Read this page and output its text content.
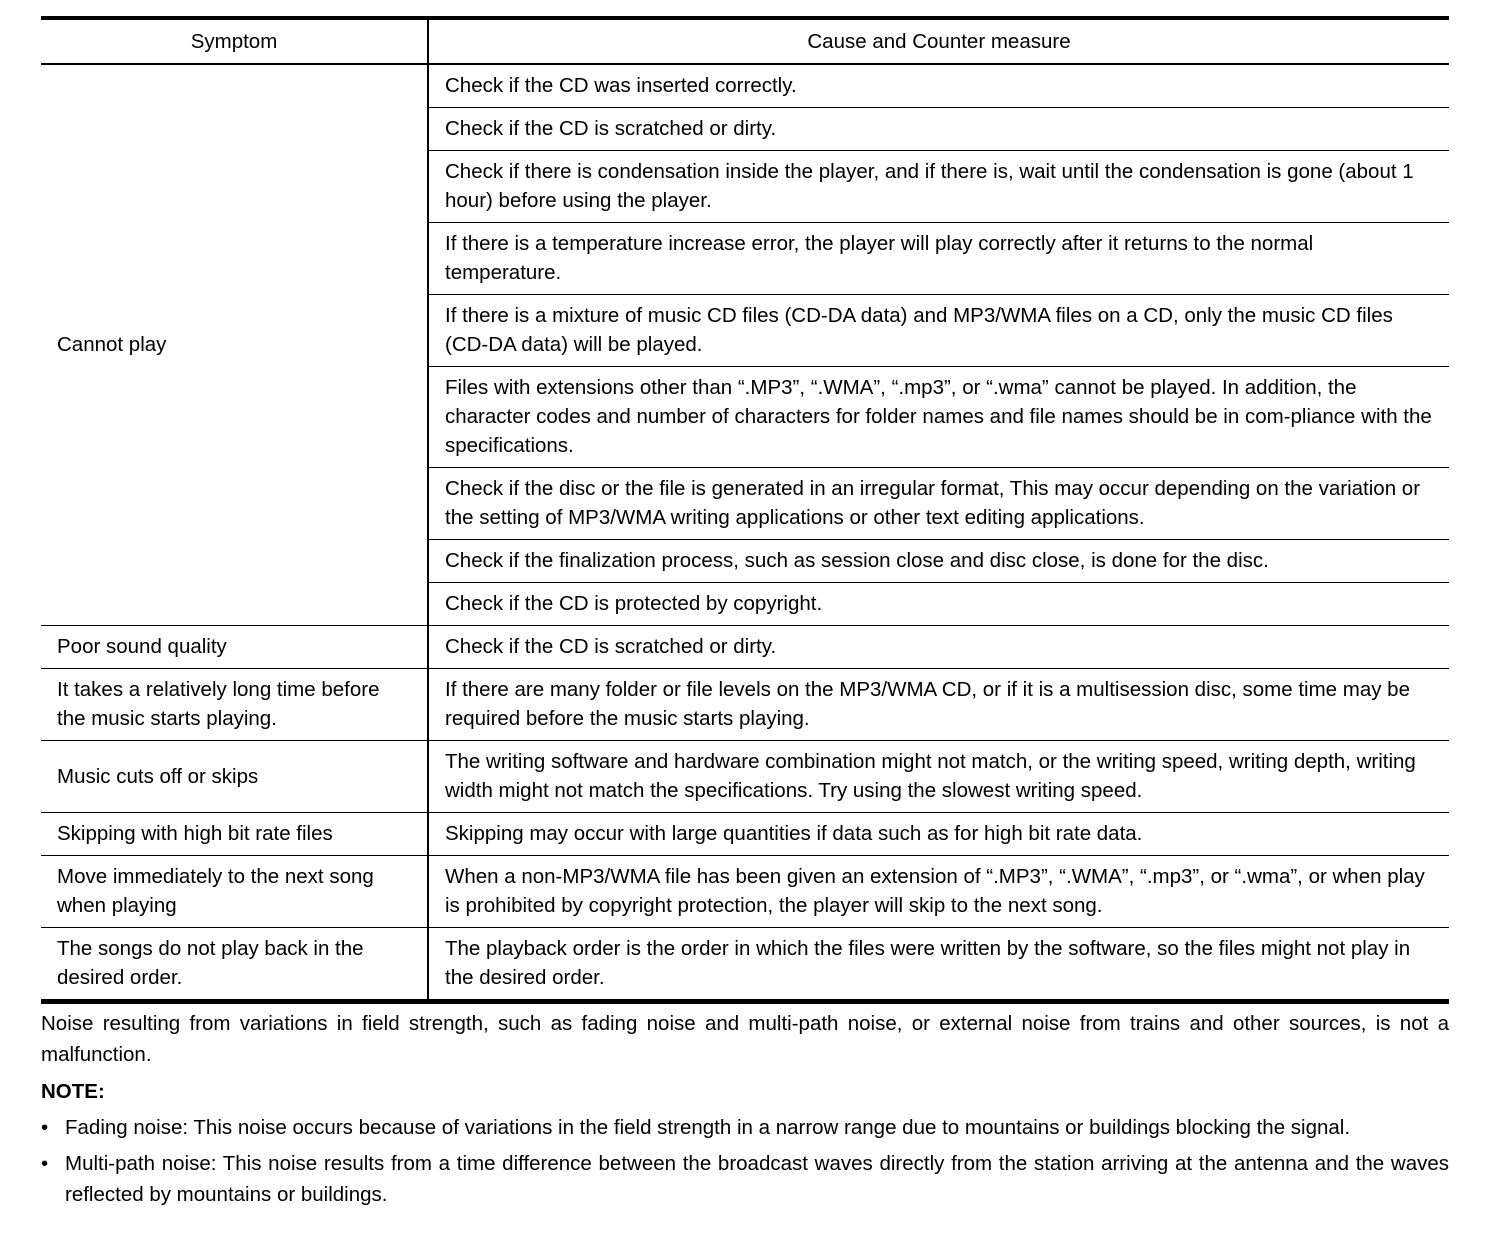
Symptom	Cause and Counter measure
Cannot play	Check if the CD was inserted correctly.
	Check if the CD is scratched or dirty.
	Check if there is condensation inside the player, and if there is, wait until the condensation is gone (about 1 hour) before using the player.
	If there is a temperature increase error, the player will play correctly after it returns to the normal temperature.
	If there is a mixture of music CD files (CD-DA data) and MP3/WMA files on a CD, only the music CD files (CD-DA data) will be played.
	Files with extensions other than “.MP3”, “.WMA”, “.mp3”, or “.wma” cannot be played. In addition, the character codes and number of characters for folder names and file names should be in com-pliance with the specifications.
	Check if the disc or the file is generated in an irregular format, This may occur depending on the variation or the setting of MP3/WMA writing applications or other text editing applications.
	Check if the finalization process, such as session close and disc close, is done for the disc.
	Check if the CD is protected by copyright.
Poor sound quality	Check if the CD is scratched or dirty.
It takes a relatively long time before the music starts playing.	If there are many folder or file levels on the MP3/WMA CD, or if it is a multisession disc, some time may be required before the music starts playing.
Music cuts off or skips	The writing software and hardware combination might not match, or the writing speed, writing depth, writing width might not match the specifications. Try using the slowest writing speed.
Skipping with high bit rate files	Skipping may occur with large quantities if data such as for high bit rate data.
Move immediately to the next song when playing	When a non-MP3/WMA file has been given an extension of “.MP3”, “.WMA”, “.mp3”, or “.wma”, or when play is prohibited by copyright protection, the player will skip to the next song.
The songs do not play back in the desired order.	The playback order is the order in which the files were written by the software, so the files might not play in the desired order.

Noise resulting from variations in field strength, such as fading noise and multi-path noise, or external noise from trains and other sources, is not a malfunction.

NOTE:

• Fading noise: This noise occurs because of variations in the field strength in a narrow range due to mountains or buildings blocking the signal.
• Multi-path noise: This noise results from a time difference between the broadcast waves directly from the station arriving at the antenna and the waves reflected by mountains or buildings.
